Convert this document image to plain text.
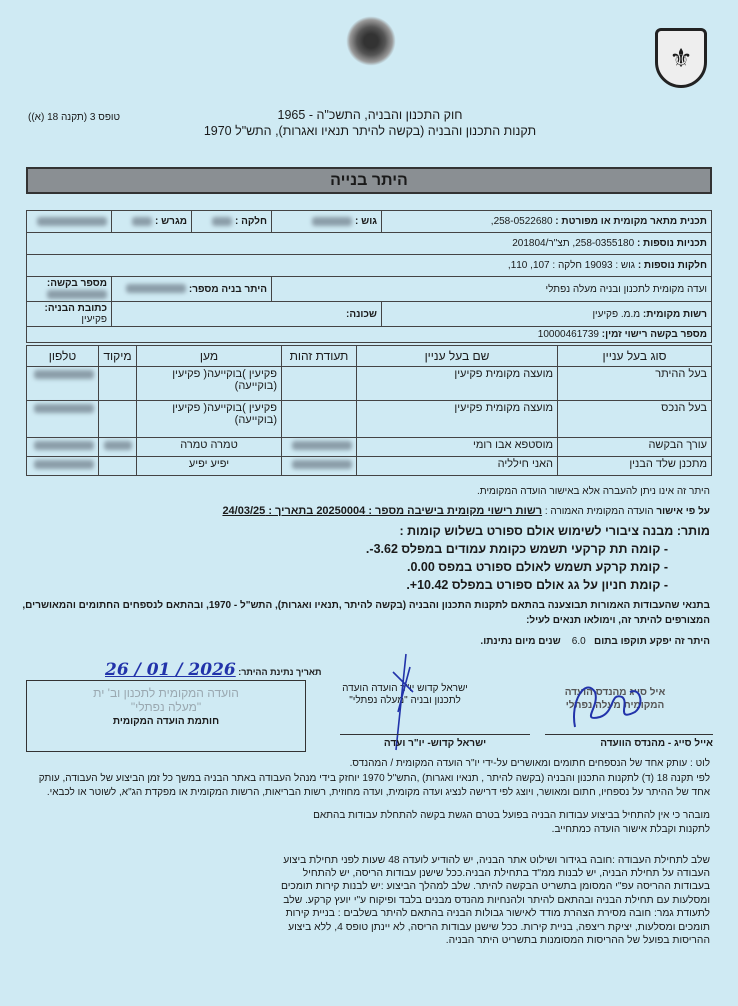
⚜
טופס 3 (תקנה 18 (א))	חוק התכנון והבניה, התשכ"ה - 1965
תקנות התכנון והבניה (בקשה להיתר תנאיו ואגרות), התש"ל 1970
היתר בנייה
תכנית מתאר מקומית או מפורטת : 258-0522680,	גוש :	חלקה :	מגרש :	
תכניות נוספות : 258-0355180, תצ"ר/201804				
חלקות נוספות : גוש : 19093 חלקה : 107, 110,				
ועדה מקומית לתכנון ובניה מעלה נפתלי		היתר בניה מספר:		מספר בקשה:
רשות מקומית: מ.מ. פקיעין	שכונה:			כתובת הבניה: פקיעין
מספר בקשה רישוי זמין: 10000461739				
סוג בעל עניין	שם בעל עניין	תעודת זהות	מען	מיקוד	טלפון
בעל ההיתר	מועצה מקומית פקיעין		פקיעין )בוקייעה( פקיעין (בוקייעה)		
בעל הנכס	מועצה מקומית פקיעין		פקיעין )בוקייעה( פקיעין (בוקייעה)		
עורך הבקשה	מוסטפא אבו רומי		טמרה טמרה		
מתכנן שלד הבנין	האני חילליה		יפיע יפיע		
היתר זה אינו ניתן להעברה אלא באישור הועדה המקומית.
על פי אישור הועדה המקומית האמורה : רשות רישוי מקומית בישיבה מספר : 20250004 בתאריך : 24/03/25
מותר: מבנה ציבורי לשימוש אולם ספורט בשלוש קומות :
- קומה תת קרקעי תשמש כקומת עמודים במפלס 3.62-.
- קומת קרקע תשמש לאולם ספורט במפס 0.00.
- קומת חניון על גג אולם ספורט במפלס 10.42+.
בתנאי שהעבודות האמורות תבוצענה בהתאם לתקנות התכנון והבניה (בקשה להיתר ,תנאיו ואגרות), התש"ל - 1970, ובהתאם לנספחים החתומים והמאושרים, המצורפים להיתר זה, וימולאו תנאים לעיל:
היתר זה יפקע תוקפו בתום   6.0    שנים מיום נתינתו.
תאריך נתינת ההיתר: 26 / 01 / 2026
הועדה המקומית לתכנון וב' ית "מעלה נפתלי"
חותמת הועדה המקומית
ישראל קדוש יו"ר הועדה הועדה לתכנון ובניה "מעלה נפתלי"
ישראל קדוש- יו"ר ועדה
איל סייג מהנדס הועדה המקומית מעלה נפתלי
אייל סייג - מהנדס הוועדה
לוט : עותק אחד של הנספחים חתומים ומאושרים על-ידי יו"ר הועדה המקומית / המהנדס.
לפי תקנה 18 (ד) לתקנות התכנון והבניה (בקשה להיתר , תנאיו ואגרות) ,התש"ל 1970 יוחזק בידי מנהל העבודה באתר הבניה במשך כל זמן הביצוע של העבודה, עותק אחד של ההיתר על נספחיו, חתום ומאושר, ויוצג לפי דרישה לנציג ועדה מקומית, ועדה מחוזית, רשות הבריאות, הרשות המקומית או מפקדת הג"א, לשוטר או לכבאי.
מובהר כי אין להתחיל בביצוע עבודות הבניה בפועל בטרם הגשת בקשה להתחלת עבודות בהתאם לתקנות וקבלת אישור הועדה כמתחייב.
שלב לתחילת העבודה :חובה בגידור ושילוט אתר הבניה, יש להודיע לועדה 48 שעות לפני תחילת ביצוע העבודה על תחילת הבניה, יש לבנות ממ"ד בתחילת הבניה.ככל שישנן עבודות הריסה, יש להתחיל בעבודות ההריסה עפ"י המסומן בתשריט הבקשה להיתר. שלב למהלך הביצוע :יש לבנות קירות תומכים ומסלעות עם תחילת הבניה ובהתאם להיתר ולהנחיות מהנדס מבנים בלבד ופיקוח ע"י יועץ קרקע. שלב לתעודת גמר: חובה מסירת הצהרת מודד לאישור גבולות הבניה בהתאם להיתר בשלבים : בניית קירות תומכים ומסלעות, יציקת ריצפה, בניית קירות. ככל שישנן עבודות הריסה, לא יינתן טופס 4, ללא ביצוע ההריסות בפועל של ההריסות המסומנות בתשריט היתר הבניה.
